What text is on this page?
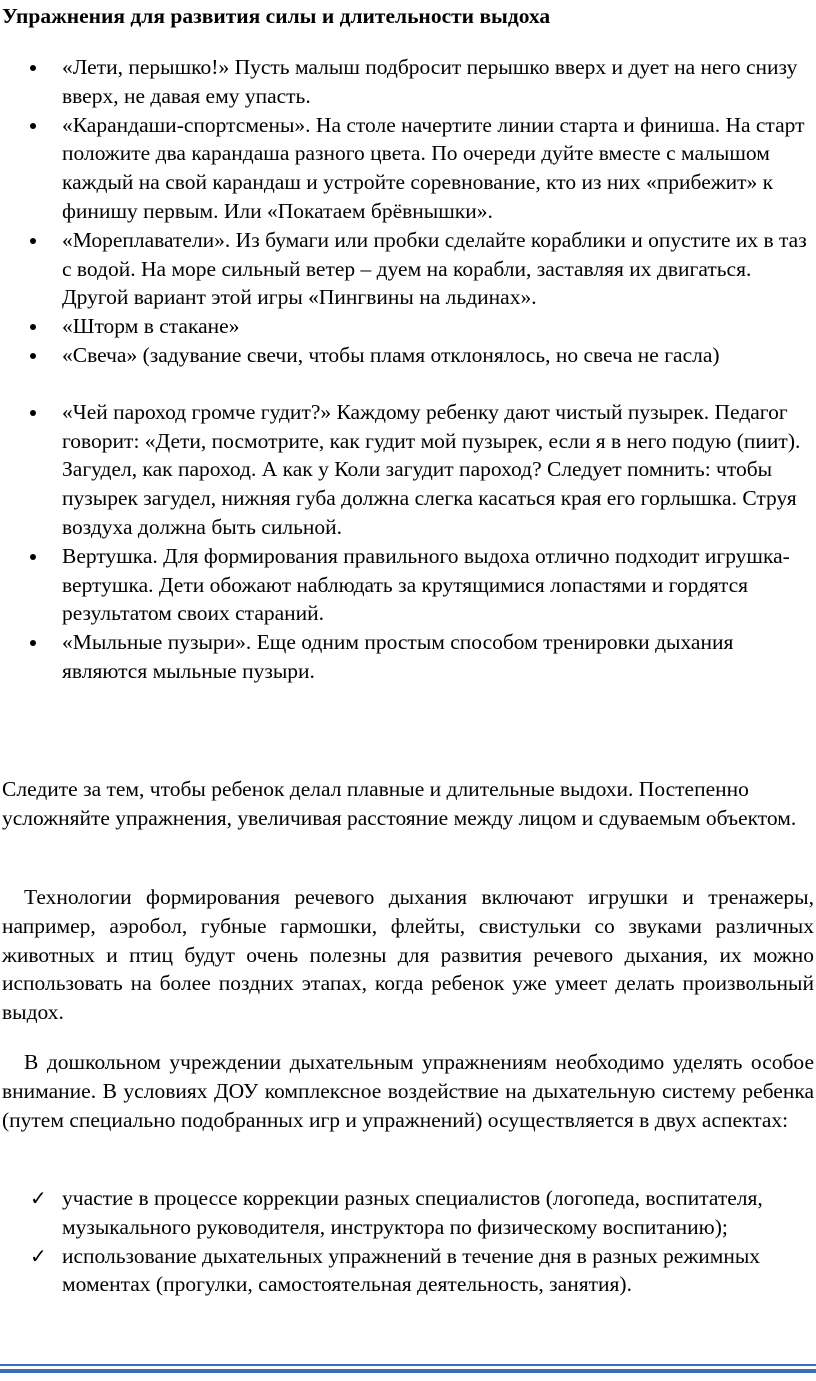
Упражнения для развития силы и длительности выдоха
«Лети, перышко!» Пусть малыш подбросит перышко вверх и дует на него снизу вверх, не давая ему упасть.
«Карандаши-спортсмены». На столе начертите линии старта и финиша. На старт положите два карандаша разного цвета. По очереди дуйте вместе с малышом каждый на свой карандаш и устройте соревнование, кто из них «прибежит» к финишу первым. Или «Покатаем брёвнышки».
«Мореплаватели». Из бумаги или пробки сделайте кораблики и опустите их в таз с водой. На море сильный ветер – дуем на корабли, заставляя их двигаться. Другой вариант этой игры «Пингвины на льдинах».
«Шторм в стакане»
«Свеча» (задувание свечи, чтобы пламя отклонялось, но свеча не гасла)
«Чей пароход громче гудит?» Каждому ребенку дают чистый пузырек. Педагог говорит: «Дети, посмотрите, как гудит мой пузырек, если я в него подую (пиит). Загудел, как пароход. А как у Коли загудит пароход? Следует помнить: чтобы пузырек загудел, нижняя губа должна слегка касаться края его горлышка. Струя воздуха должна быть сильной.
Вертушка. Для формирования правильного выдоха отлично подходит игрушка-вертушка. Дети обожают наблюдать за крутящимися лопастями и гордятся результатом своих стараний.
«Мыльные пузыри». Еще одним простым способом тренировки дыхания являются мыльные пузыри.

Следите за тем, чтобы ребенок делал плавные и длительные выдохи. Постепенно усложняйте упражнения, увеличивая расстояние между лицом и сдуваемым объектом.

Технологии формирования речевого дыхания включают игрушки и тренажеры, например, аэробол, губные гармошки, флейты, свистульки со звуками различных животных и птиц будут очень полезны для развития речевого дыхания, их можно использовать на более поздних этапах, когда ребенок уже умеет делать произвольный выдох.

В дошкольном учреждении дыхательным упражнениям необходимо уделять особое внимание. В условиях ДОУ комплексное воздействие на дыхательную систему ребенка (путем специально подобранных игр и упражнений) осуществляется в двух аспектах:

✓ участие в процессе коррекции разных специалистов (логопеда, воспитателя, музыкального руководителя, инструктора по физическому воспитанию);
✓ использование дыхательных упражнений в течение дня в разных режимных моментах (прогулки, самостоятельная деятельность, занятия).
